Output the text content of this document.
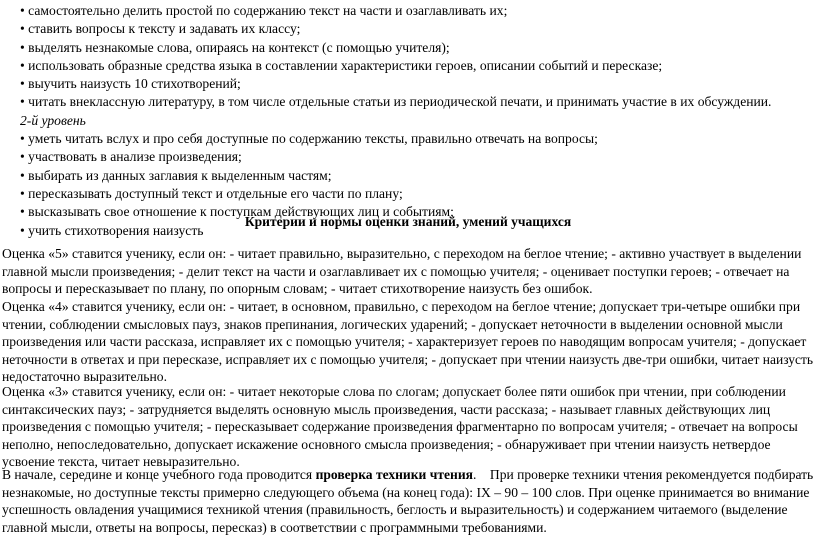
• самостоятельно делить простой по содержанию текст на части и озаглавливать их;
• ставить вопросы к тексту и задавать их классу;
• выделять незнакомые слова, опираясь на контекст (с помощью учителя);
• использовать образные средства языка в составлении характеристики героев, описании событий и пересказе;
• выучить наизусть 10 стихотворений;
• читать внеклассную литературу, в том числе отдельные статьи из периодической печати, и принимать участие в их обсуждении.
2-й уровень
• уметь читать вслух и про себя доступные по содержанию тексты, правильно отвечать на вопросы;
• участвовать в анализе произведения;
• выбирать из данных заглавия к выделенным частям;
• пересказывать доступный текст и отдельные его части по плану;
• высказывать свое отношение к поступкам действующих лиц и событиям;
• учить стихотворения наизусть
Критерии и нормы оценки знаний, умений учащихся
Оценка «5» ставится ученику, если он: - читает правильно, выразительно, с переходом на беглое чтение; - активно участвует в выделении
главной мысли произведения; - делит текст на части и озаглавливает их с помощью учителя; - оценивает поступки героев; - отвечает на
вопросы и пересказывает по плану, по опорным словам; - читает стихотворение наизусть без ошибок.
Оценка «4» ставится ученику, если он: - читает, в основном, правильно, с переходом на беглое чтение; допускает три-четыре ошибки при
чтении, соблюдении смысловых пауз, знаков препинания, логических ударений; - допускает неточности в выделении основной мысли
произведения или части рассказа, исправляет их с помощью учителя; - характеризует героев по наводящим вопросам учителя; - допускает
неточности в ответах и при пересказе, исправляет их с помощью учителя; - допускает при чтении наизусть две-три ошибки, читает наизусть
недостаточно выразительно.
Оценка «3» ставится ученику, если он: - читает некоторые слова по слогам; допускает более пяти ошибок при чтении, при соблюдении
синтаксических пауз; - затрудняется выделять основную мысль произведения, части рассказа; - называет главных действующих лиц
произведения с помощью учителя; - пересказывает содержание произведения фрагментарно по вопросам учителя; - отвечает на вопросы
неполно, непоследовательно, допускает искажение основного смысла произведения; - обнаруживает при чтении наизусть нетвердое
усвоение текста, читает невыразительно.
В начале, середине и конце учебного года проводится проверка техники чтения.    При проверке техники чтения рекомендуется подбирать
незнакомые, но доступные тексты примерно следующего объема (на конец года): IX – 90 – 100 слов. При оценке принимается во внимание
успешность овладения учащимися техникой чтения (правильность, беглость и выразительность) и содержанием читаемого (выделение
главной мысли, ответы на вопросы, пересказ) в соответствии с программными требованиями.
